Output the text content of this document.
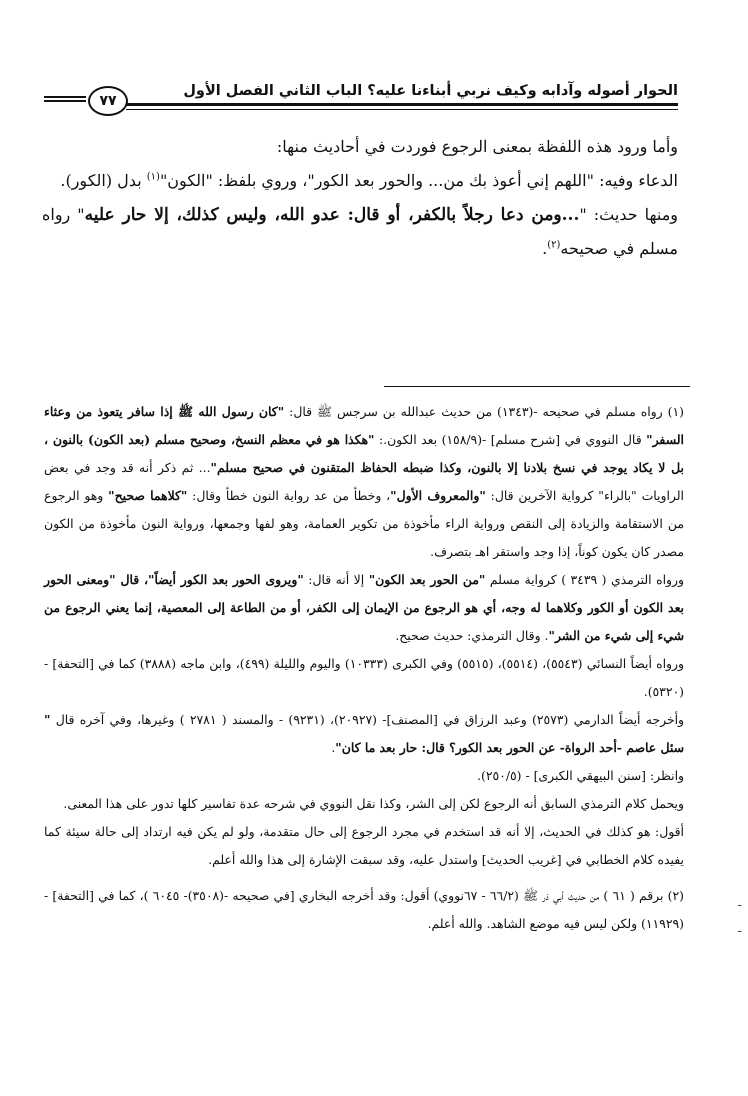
الحوار أصوله وآدابه وكيف نربي أبناءنا عليه؟ الباب الثاني الفصل الأول
٧٧

وأما ورود هذه اللفظة بمعنى الرجوع فوردت في أحاديث منها:

الدعاء وفيه: "اللهم إني أعوذ بك من... والحور بعد الكور"، وروي بلفظ: "الكون"$^{(١)}$ بدل (الكور).

ومنها حديث: "...ومن دعا رجلاً بالكفر، أو قال: عدو الله، وليس كذلك، إلا حار عليه" رواه مسلم في صحيحه$^{(٢)}$.

(١) رواه مسلم في صحيحه -(١٣٤٣) من حديث عبدالله بن سرجس ﷺ قال: "كان رسول الله ﷺ إذا سافر يتعوذ من وعثاء السفر" قال النووي في [شرح مسلم] -(١٥٨/٩) بعد الكون.: "هكذا هو في معظم النسخ، وصحيح مسلم (بعد الكون) بالنون ، بل لا يكاد يوجد في نسخ بلادنا إلا بالنون، وكذا ضبطه الحفاظ المتقنون في صحيح مسلم"... ثم ذكر أنه قد وجد في بعض الراويات "بالراء" كرواية الآخرين قال: "والمعروف الأول"، وخطأ من عد رواية النون خطأ وقال: "كلاهما صحيح" وهو الرجوع من الاستقامة والزيادة إلى النقص ورواية الراء مأخوذة من تكوير العمامة، وهو لفها وجمعها، ورواية النون مأخوذة من الكون مصدر كان يكون كوناً، إذا وجد واستقر اهـ بتصرف.

ورواه الترمذي ( ٣٤٣٩ ) كرواية مسلم "من الحور بعد الكون" إلا أنه قال: "ويروى الحور بعد الكور أيضاً"، قال "ومعنى الحور بعد الكون أو الكور وكلاهما له وجه، أي هو الرجوع من الإيمان إلى الكفر، أو من الطاعة إلى المعصية، إنما يعني الرجوع من شيء إلى شيء من الشر". وقال الترمذي: حديث صحيح.

ورواه أيضاً النسائي (٥٥٤٣)، (٥٥١٤)، (٥٥١٥) وفي الكبرى (١٠٣٣٣) واليوم والليلة (٤٩٩)، وابن ماجه (٣٨٨٨) كما في [التحفة] - (٥٣٢٠).

وأخرجه أيضاً الدارمي (٢٥٧٣) وعبد الرزاق في [المصنف]- (٢٠٩٢٧)، (٩٢٣١) - والمسند ( ٢٧٨١ ) وغيرها، وفي آخره قال " سئل عاصم -أحد الرواة- عن الحور بعد الكور؟ قال: حار بعد ما كان".

وانظر: [سنن البيهقي الكبرى] - (٢٥٠/٥).

ويحمل كلام الترمذي السابق أنه الرجوع لكن إلى الشر، وكذا نقل النووي في شرحه عدة تفاسير كلها تدور على هذا المعنى.

أقول: هو كذلك في الحديث، إلا أنه قد استخدم في مجرد الرجوع إلى حال متقدمة، ولو لم يكن فيه ارتداد إلى حالة سيئة كما يفيده كلام الخطابي في [غريب الحديث] واستدل عليه، وقد سبقت الإشارة إلى هذا والله أعلم.

(٢) برقم ( ٦١ ) من حديث أبي ذر ﷺ (٦٦/٢ - ٦٧نووي) أقول: وقد أخرجه البخاري [في صحيحه -(٣٥٠٨)- ٦٠٤٥ )، كما في [التحفة] - (١١٩٢٩) ولكن ليس فيه موضع الشاهد. والله أعلم.

ـ
ـ
